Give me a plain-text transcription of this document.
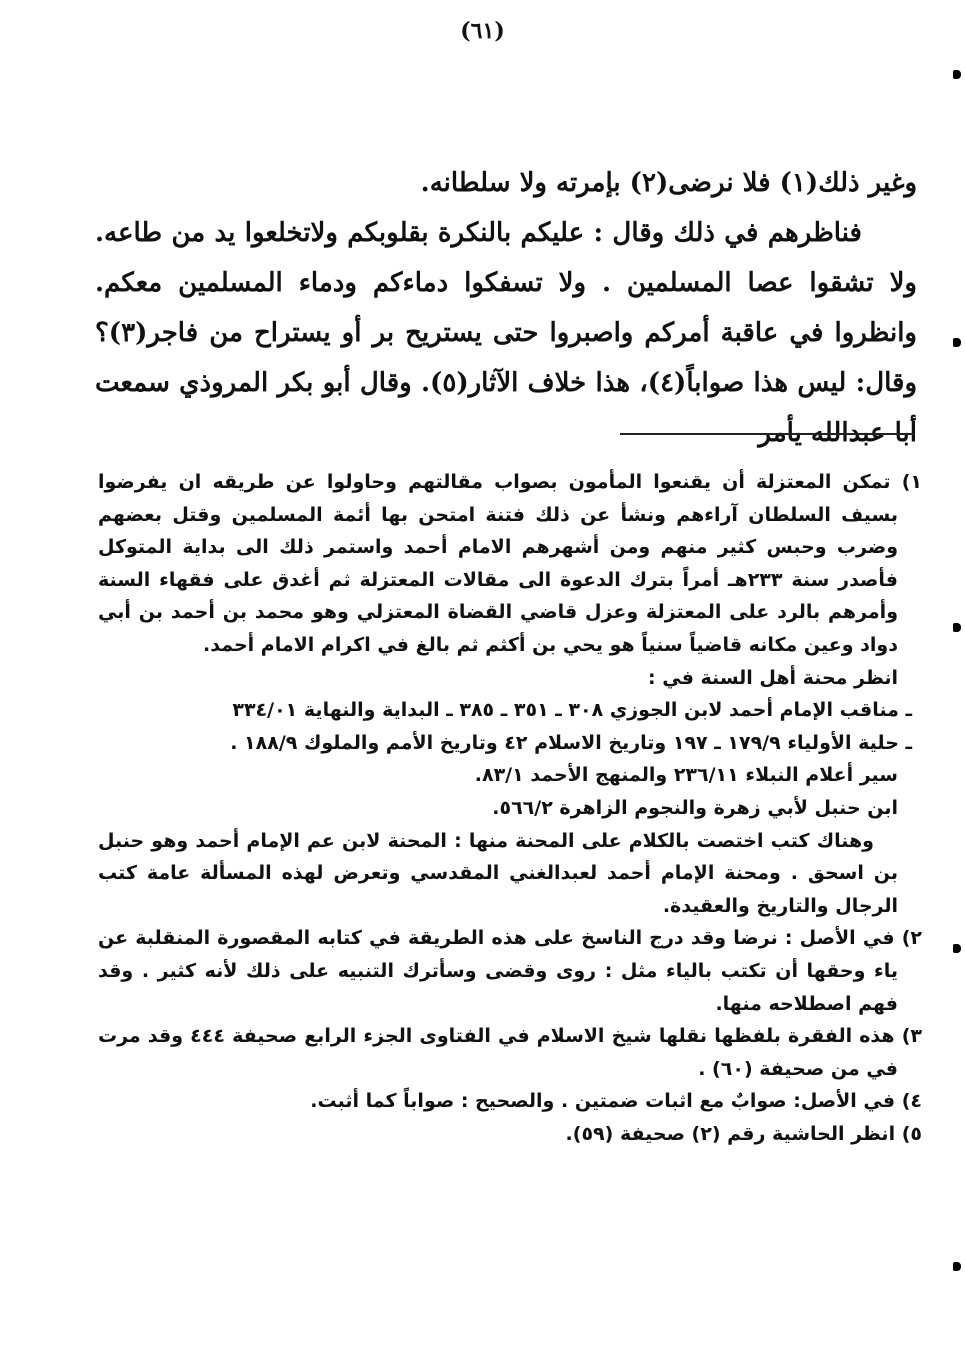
(٦١)

وغير ذلك(١) فلا نرضى(٢) بإمرته ولا سلطانه.

فناظرهم في ذلك وقال : عليكم بالنكرة بقلوبكم ولاتخلعوا يد من طاعه. ولا تشقوا عصا المسلمين . ولا تسفكوا دماءكم ودماء المسلمين معكم. وانظروا في عاقبة أمركم واصبروا حتى يستريح بر أو يستراح من فاجر(٣)؟ وقال: ليس هذا صواباً(٤)، هذا خلاف الآثار(٥). وقال أبو بكر المروذي سمعت أبا عبدالله يأمر

١) تمكن المعتزلة أن يقنعوا المأمون بصواب مقالتهم وحاولوا عن طريقه ان يفرضوا بسيف السلطان آراءهم ونشأ عن ذلك فتنة امتحن بها أئمة المسلمين وقتل بعضهم وضرب وحبس كثير منهم ومن أشهرهم الامام أحمد واستمر ذلك الى بداية المتوكل فأصدر سنة ٢٣٣هـ أمراً بترك الدعوة الى مقالات المعتزلة ثم أغدق على فقهاء السنة وأمرهم بالرد على المعتزلة وعزل قاضي القضاة المعتزلي وهو محمد بن أحمد بن أبي دواد وعين مكانه قاضياً سنياً هو يحي بن أكثم ثم بالغ في اكرام الامام أحمد.

انظر محنة أهل السنة في :

ـ مناقب الإمام أحمد لابن الجوزي ٣٠٨ ـ ٣٥١ ـ ٣٨٥ ـ البداية والنهاية ٣٣٤/٠١

ـ حلية الأولياء ١٧٩/٩ ـ ١٩٧ وتاريخ الاسلام ٤٢ وتاريخ الأمم والملوك ١٨٨/٩ .

سير أعلام النبلاء ٢٣٦/١١ والمنهج الأحمد ٨٣/١.

ابن حنبل لأبي زهرة والنجوم الزاهرة ٥٦٦/٢.

وهناك كتب اختصت بالكلام على المحنة منها : المحنة لابن عم الإمام أحمد وهو حنبل بن اسحق . ومحنة الإمام أحمد لعبدالغني المقدسي وتعرض لهذه المسألة عامة كتب الرجال والتاريخ والعقيدة.

٢) في الأصل : نرضا وقد درج الناسخ على هذه الطريقة في كتابه المقصورة المنقلبة عن ياء وحقها أن تكتب بالياء مثل : روى وقضى وسأترك التنبيه على ذلك لأنه كثير . وقد فهم اصطلاحه منها.

٣) هذه الفقرة بلفظها نقلها شيخ الاسلام في الفتاوى الجزء الرابع صحيفة ٤٤٤ وقد مرت في من صحيفة (٦٠) .

٤) في الأصل: صوابٌ مع اثبات ضمتين . والصحيح : صواباً كما أثبت.

٥) انظر الحاشية رقم (٢) صحيفة (٥٩).
